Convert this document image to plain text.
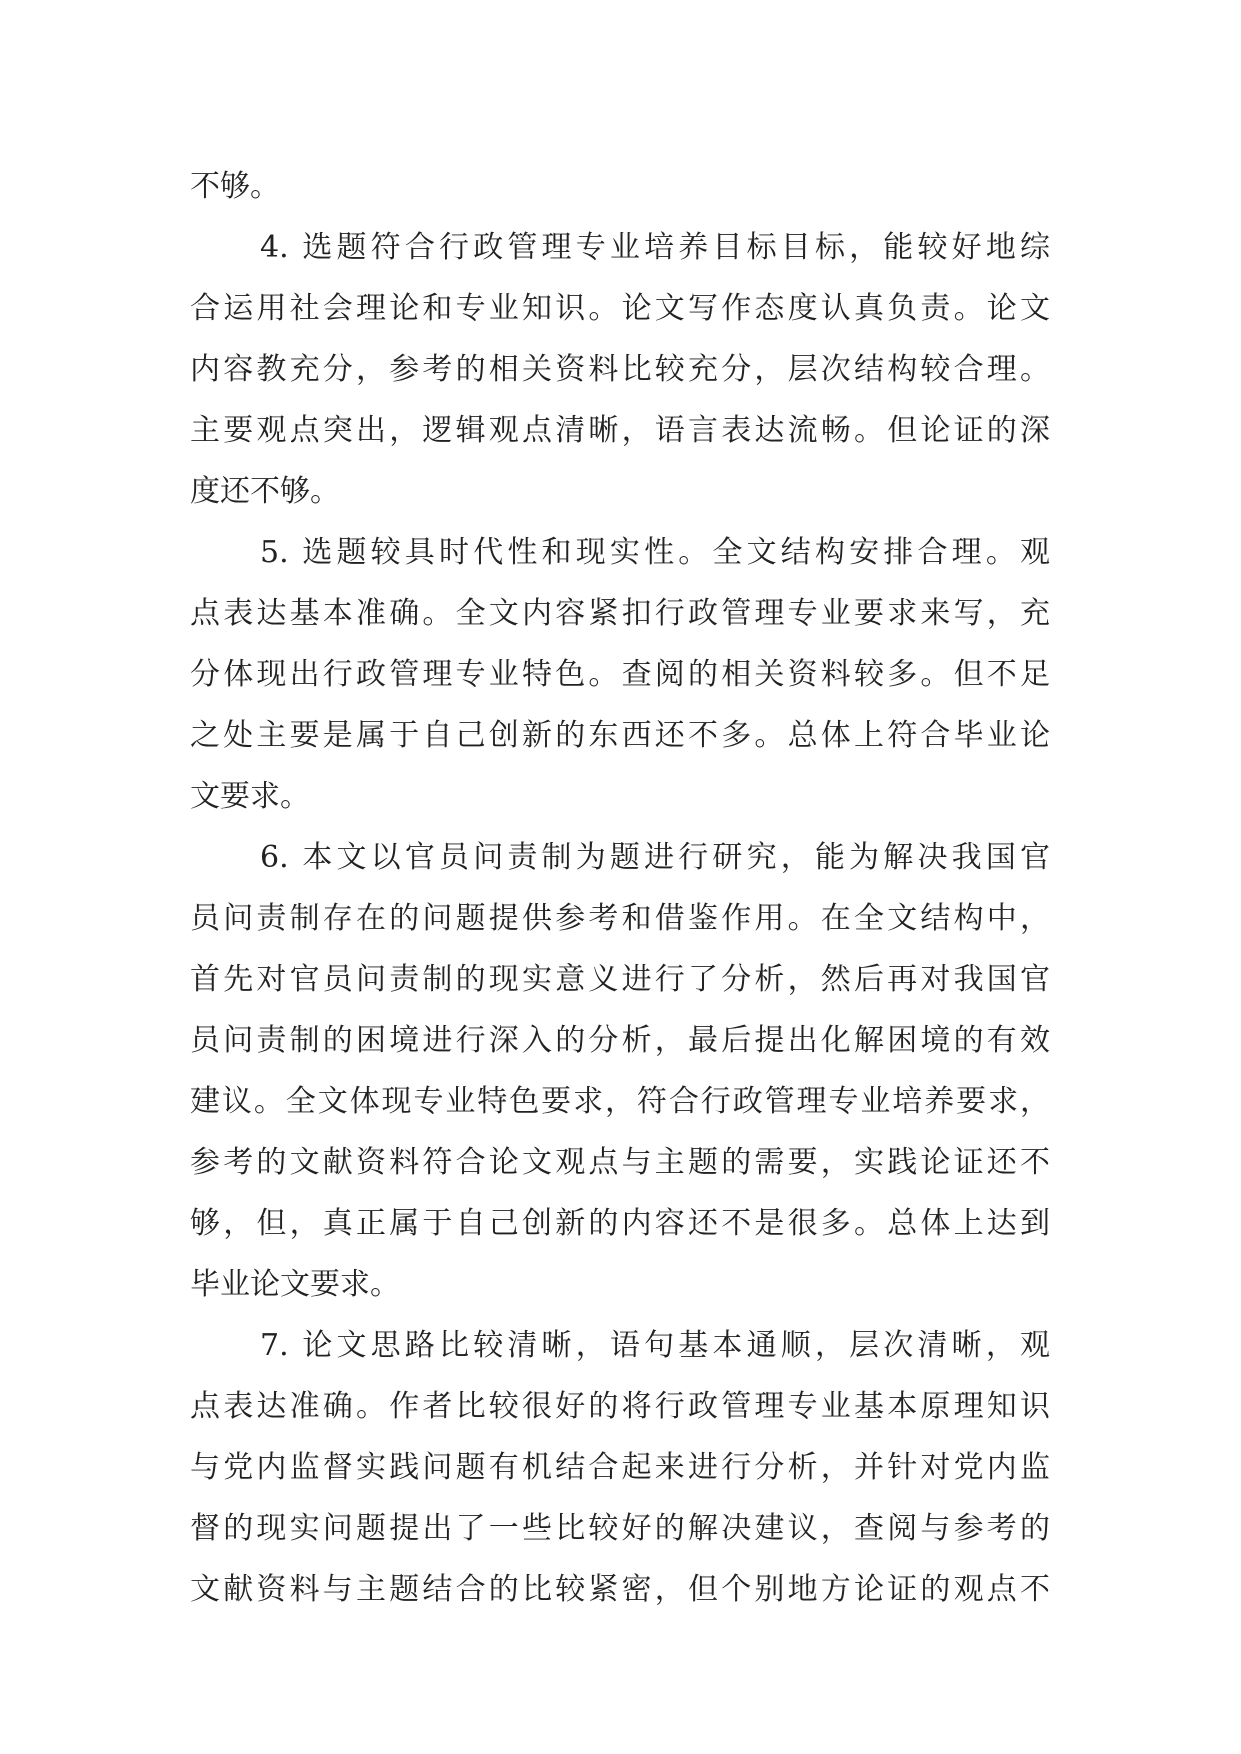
不够。
4. 选题符合行政管理专业培养目标目标，能较好地综
合运用社会理论和专业知识。论文写作态度认真负责。论文
内容教充分，参考的相关资料比较充分，层次结构较合理。
主要观点突出，逻辑观点清晰，语言表达流畅。但论证的深
度还不够。
5. 选题较具时代性和现实性。全文结构安排合理。观
点表达基本准确。全文内容紧扣行政管理专业要求来写，充
分体现出行政管理专业特色。查阅的相关资料较多。但不足
之处主要是属于自己创新的东西还不多。总体上符合毕业论
文要求。
6. 本文以官员问责制为题进行研究，能为解决我国官
员问责制存在的问题提供参考和借鉴作用。在全文结构中，
首先对官员问责制的现实意义进行了分析，然后再对我国官
员问责制的困境进行深入的分析，最后提出化解困境的有效
建议。全文体现专业特色要求，符合行政管理专业培养要求，
参考的文献资料符合论文观点与主题的需要，实践论证还不
够，但，真正属于自己创新的内容还不是很多。总体上达到
毕业论文要求。
7. 论文思路比较清晰，语句基本通顺，层次清晰，观
点表达准确。作者比较很好的将行政管理专业基本原理知识
与党内监督实践问题有机结合起来进行分析，并针对党内监
督的现实问题提出了一些比较好的解决建议，查阅与参考的
文献资料与主题结合的比较紧密，但个别地方论证的观点不
